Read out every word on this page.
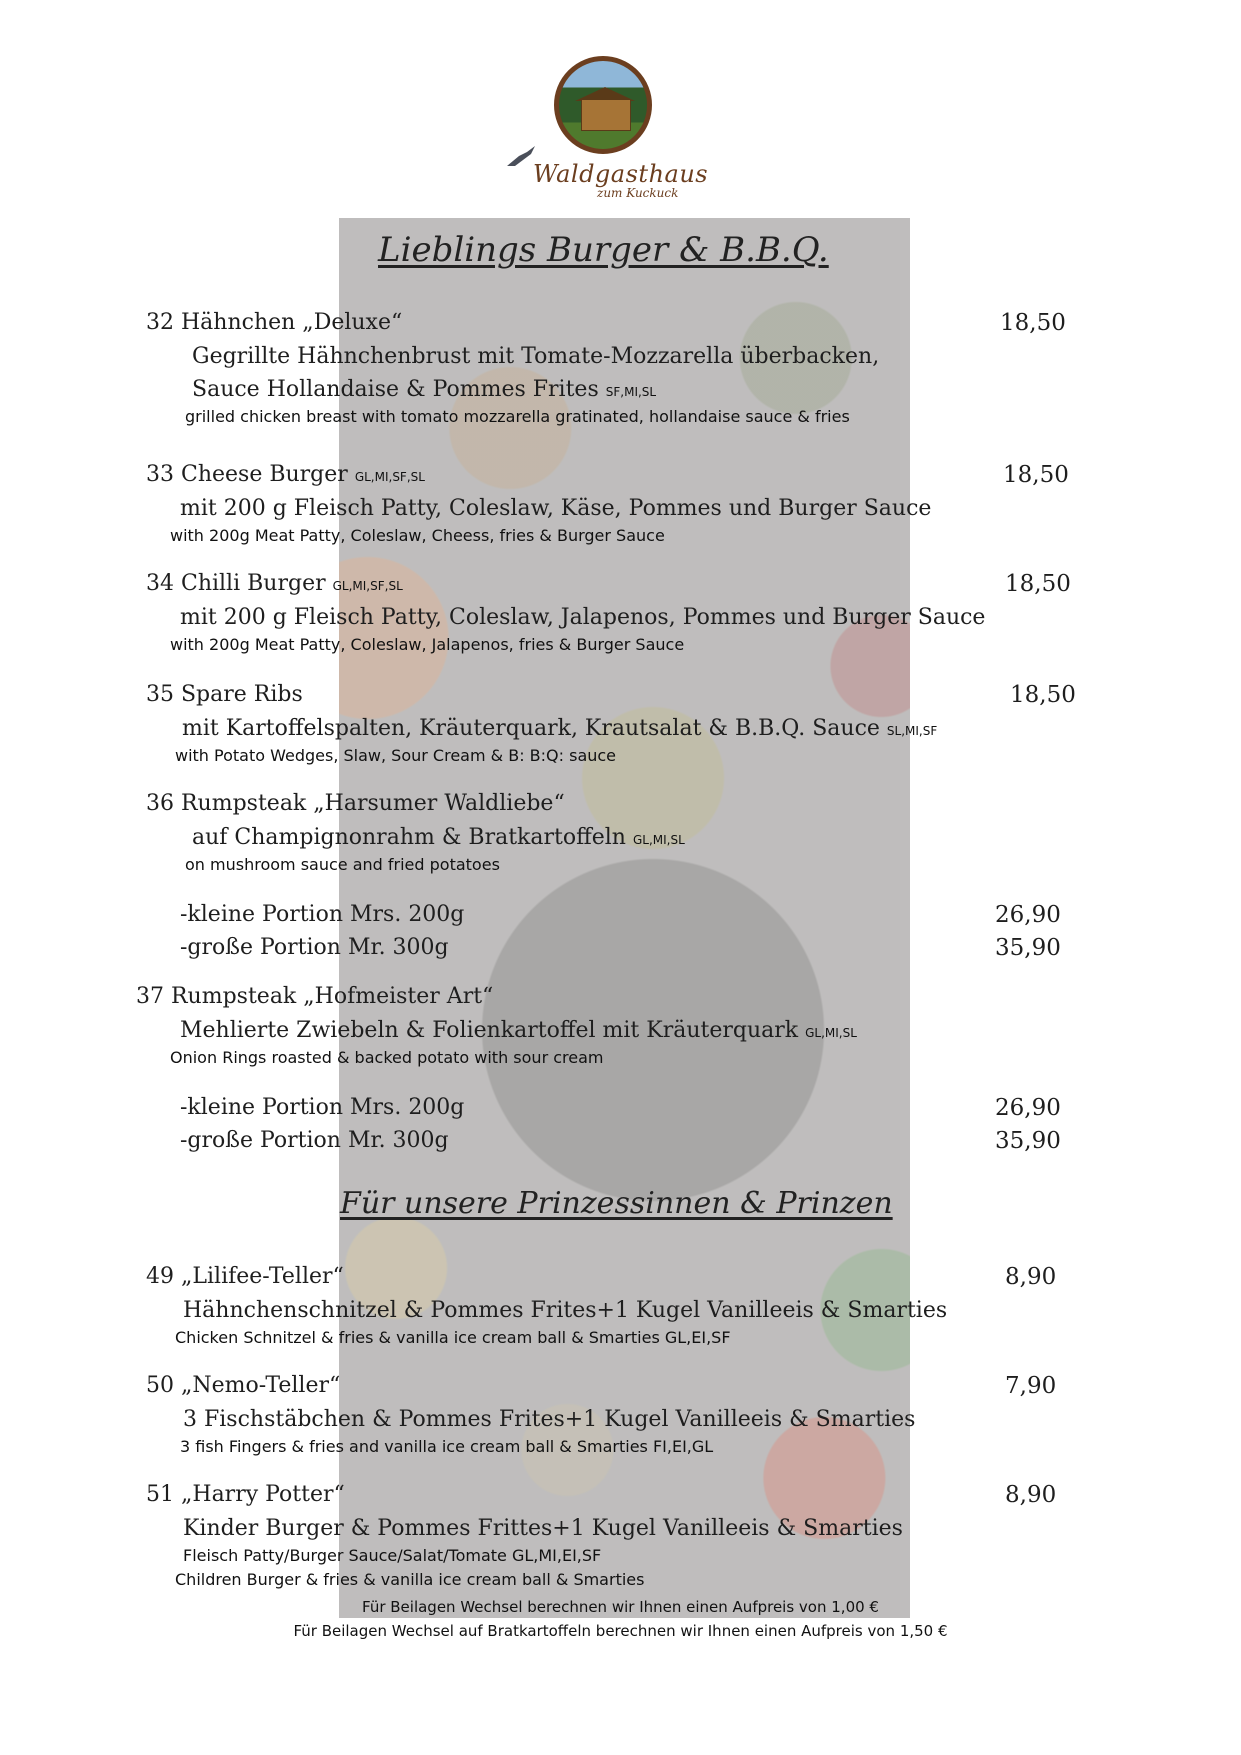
Waldgasthaus
zum Kuckuck
Lieblings Burger & B.B.Q.
32 Hähnchen „Deluxe“	18,50
Gegrillte Hähnchenbrust mit Tomate-Mozzarella überbacken,
Sauce Hollandaise & Pommes Frites SF,MI,SL
grilled chicken breast with tomato mozzarella gratinated, hollandaise sauce & fries
33 Cheese Burger GL,MI,SF,SL	18,50
mit 200 g Fleisch Patty, Coleslaw, Käse, Pommes und Burger Sauce
with 200g Meat Patty, Coleslaw, Cheess, fries & Burger Sauce
34 Chilli Burger GL,MI,SF,SL	18,50
mit 200 g Fleisch Patty, Coleslaw, Jalapenos, Pommes und Burger Sauce
with 200g Meat Patty, Coleslaw, Jalapenos, fries & Burger Sauce
35 Spare Ribs	18,50
mit Kartoffelspalten, Kräuterquark, Krautsalat & B.B.Q. Sauce SL,MI,SF
with Potato Wedges, Slaw, Sour Cream & B: B:Q: sauce
36 Rumpsteak „Harsumer Waldliebe“
auf Champignonrahm & Bratkartoffeln GL,MI,SL
on mushroom sauce and fried potatoes
-kleine Portion Mrs. 200g	26,90
-große Portion Mr. 300g	35,90
37 Rumpsteak „Hofmeister Art“
Mehlierte Zwiebeln & Folienkartoffel mit Kräuterquark GL,MI,SL
Onion Rings roasted & backed potato with sour cream
-kleine Portion Mrs. 200g	26,90
-große Portion Mr. 300g	35,90
Für unsere Prinzessinnen & Prinzen
49 „Lilifee-Teller“	8,90
Hähnchenschnitzel & Pommes Frites+1 Kugel Vanilleeis & Smarties
Chicken Schnitzel & fries & vanilla ice cream ball & Smarties GL,EI,SF
50 „Nemo-Teller“	7,90
3 Fischstäbchen & Pommes Frites+1 Kugel Vanilleeis & Smarties
3 fish Fingers & fries and vanilla ice cream ball & Smarties FI,EI,GL
51 „Harry Potter“	8,90
Kinder Burger & Pommes Frittes+1 Kugel Vanilleeis & Smarties
Fleisch Patty/Burger Sauce/Salat/Tomate GL,MI,EI,SF
Children Burger & fries & vanilla ice cream ball & Smarties
Für Beilagen Wechsel berechnen wir Ihnen einen Aufpreis von 1,00 €
Für Beilagen Wechsel auf Bratkartoffeln berechnen wir Ihnen einen Aufpreis von 1,50 €
